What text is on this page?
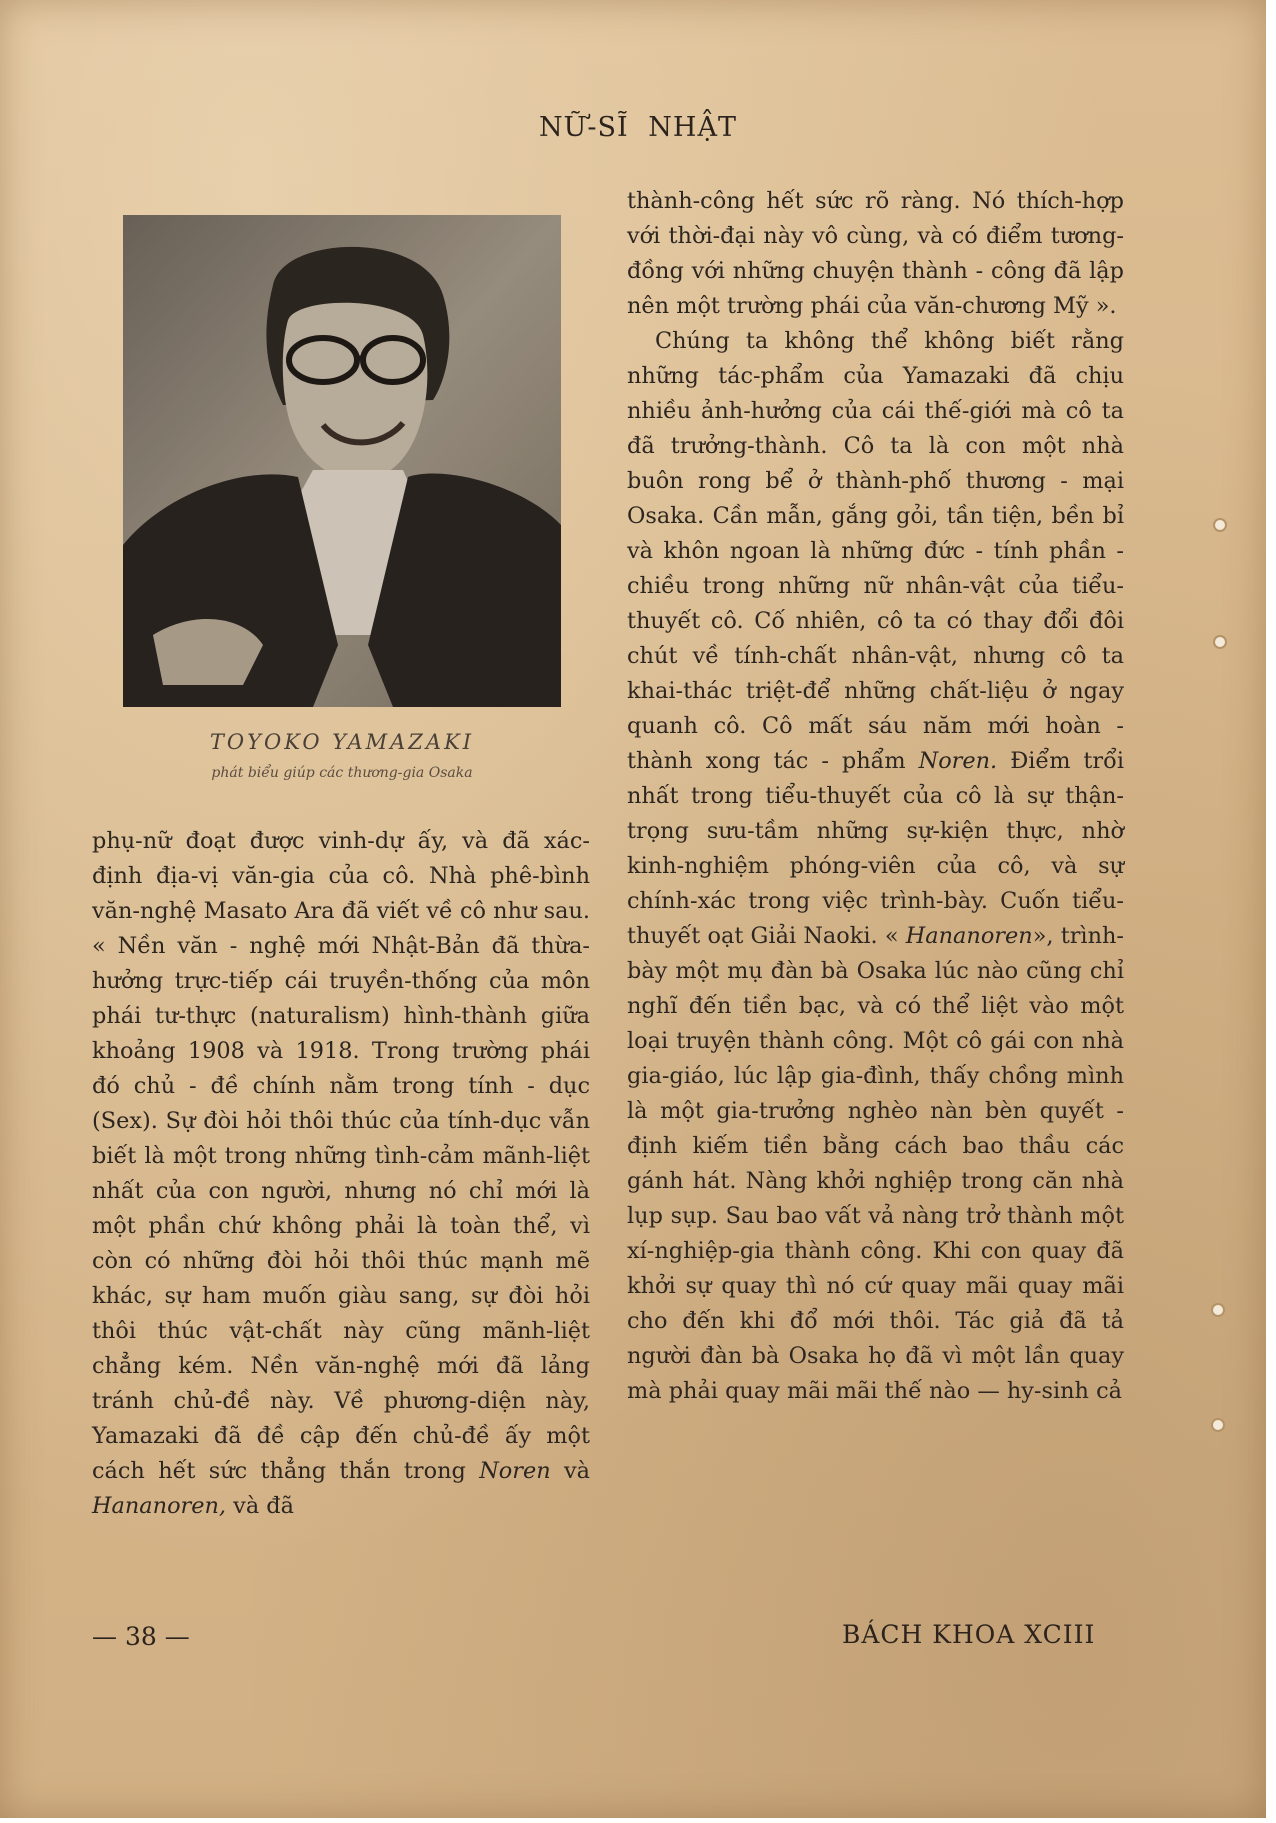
NỮ-SĨ NHẬT
TOYOKO YAMAZAKI
phát biểu giúp các thương-gia Osaka

phụ-nữ đoạt được vinh-dự ấy, và đã xác-định địa-vị văn-gia của cô. Nhà phê-bình văn-nghệ Masato Ara đã viết về cô như sau. « Nền văn - nghệ mới Nhật-Bản đã thừa-hưởng trực-tiếp cái truyền-thống của môn phái tư-thực (naturalism) hình-thành giữa khoảng 1908 và 1918. Trong trường phái đó chủ - đề chính nằm trong tính - dục (Sex). Sự đòi hỏi thôi thúc của tính-dục vẫn biết là một trong những tình-cảm mãnh-liệt nhất của con người, nhưng nó chỉ mới là một phần chứ không phải là toàn thể, vì còn có những đòi hỏi thôi thúc mạnh mẽ khác, sự ham muốn giàu sang, sự đòi hỏi thôi thúc vật-chất này cũng mãnh-liệt chẳng kém. Nền văn-nghệ mới đã lảng tránh chủ-đề này. Về phương-diện này, Yamazaki đã đề cập đến chủ-đề ấy một cách hết sức thẳng thắn trong Noren và Hananoren, và đã

thành-công hết sức rõ ràng. Nó thích-hợp với thời-đại này vô cùng, và có điểm tương-đồng với những chuyện thành - công đã lập nên một trường phái của văn-chương Mỹ ».

Chúng ta không thể không biết rằng những tác-phẩm của Yamazaki đã chịu nhiều ảnh-hưởng của cái thế-giới mà cô ta đã trưởng-thành. Cô ta là con một nhà buôn rong bể ở thành-phố thương - mại Osaka. Cần mẫn, gắng gỏi, tần tiện, bền bỉ và khôn ngoan là những đức - tính phần - chiều trong những nữ nhân-vật của tiểu-thuyết cô. Cố nhiên, cô ta có thay đổi đôi chút về tính-chất nhân-vật, nhưng cô ta khai-thác triệt-để những chất-liệu ở ngay quanh cô. Cô mất sáu năm mới hoàn - thành xong tác - phẩm Noren. Điểm trổi nhất trong tiểu-thuyết của cô là sự thận-trọng sưu-tầm những sự-kiện thực, nhờ kinh-nghiệm phóng-viên của cô, và sự chính-xác trong việc trình-bày. Cuốn tiểu-thuyết oạt Giải Naoki. « Hananoren», trình-bày một mụ đàn bà Osaka lúc nào cũng chỉ nghĩ đến tiền bạc, và có thể liệt vào một loại truyện thành công. Một cô gái con nhà gia-giáo, lúc lập gia-đình, thấy chồng mình là một gia-trưởng nghèo nàn bèn quyết - định kiếm tiền bằng cách bao thầu các gánh hát. Nàng khởi nghiệp trong căn nhà lụp sụp. Sau bao vất vả nàng trở thành một xí-nghiệp-gia thành công. Khi con quay đã khởi sự quay thì nó cứ quay mãi quay mãi cho đến khi đổ mới thôi. Tác giả đã tả người đàn bà Osaka họ đã vì một lần quay mà phải quay mãi mãi thế nào — hy-sinh cả

— 38 —	BÁCH KHOA XCIII
